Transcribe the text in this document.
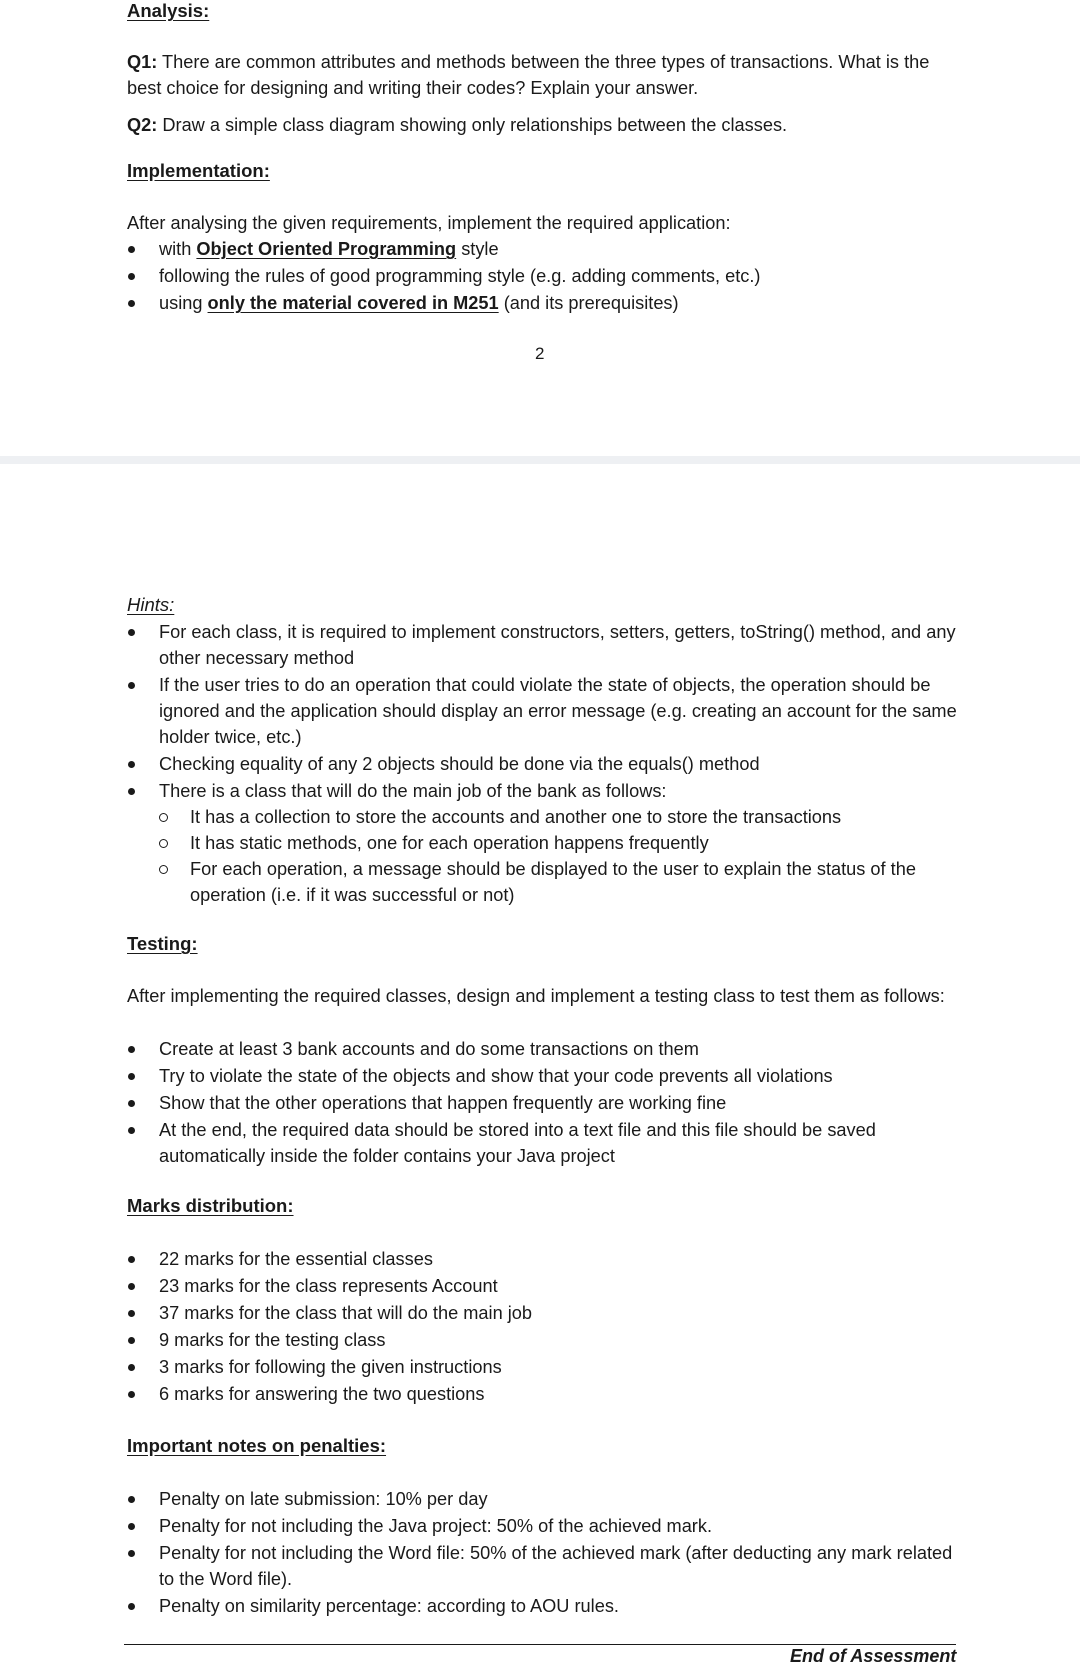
Analysis:
Q1: There are common attributes and methods between the three types of transactions. What is the best choice for designing and writing their codes? Explain your answer.
Q2: Draw a simple class diagram showing only relationships between the classes.
Implementation:
After analysing the given requirements, implement the required application:
with Object Oriented Programming style
following the rules of good programming style (e.g. adding comments, etc.)
using only the material covered in M251 (and its prerequisites)
2
Hints:
For each class, it is required to implement constructors, setters, getters, toString() method, and any other necessary method
If the user tries to do an operation that could violate the state of objects, the operation should be ignored and the application should display an error message (e.g. creating an account for the same holder twice, etc.)
Checking equality of any 2 objects should be done via the equals() method
There is a class that will do the main job of the bank as follows:
It has a collection to store the accounts and another one to store the transactions
It has static methods, one for each operation happens frequently
For each operation, a message should be displayed to the user to explain the status of the operation (i.e. if it was successful or not)
Testing:
After implementing the required classes, design and implement a testing class to test them as follows:
Create at least 3 bank accounts and do some transactions on them
Try to violate the state of the objects and show that your code prevents all violations
Show that the other operations that happen frequently are working fine
At the end, the required data should be stored into a text file and this file should be saved automatically inside the folder contains your Java project
Marks distribution:
22 marks for the essential classes
23 marks for the class represents Account
37 marks for the class that will do the main job
9 marks for the testing class
3 marks for following the given instructions
6 marks for answering the two questions
Important notes on penalties:
Penalty on late submission: 10% per day
Penalty for not including the Java project: 50% of the achieved mark.
Penalty for not including the Word file: 50% of the achieved mark (after deducting any mark related to the Word file).
Penalty on similarity percentage: according to AOU rules.
End of Assessment
